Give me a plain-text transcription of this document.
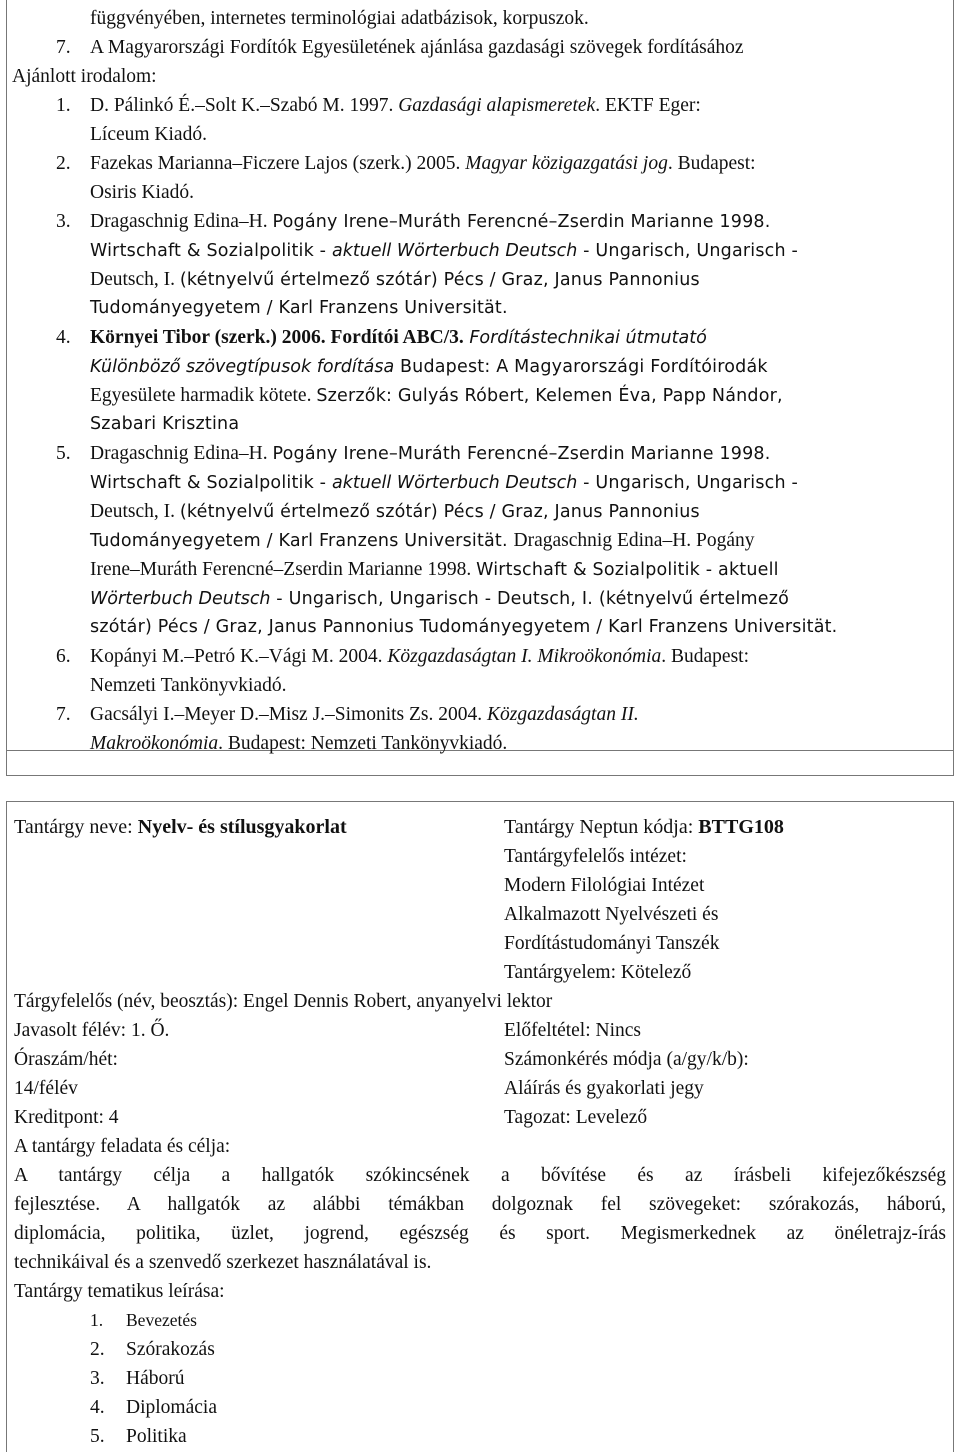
függvényében, internetes terminológiai adatbázisok, korpuszok.
7. A Magyarországi Fordítók Egyesületének ajánlása gazdasági szövegek fordításához
Ajánlott irodalom:
1. D. Pálinkó É.–Solt K.–Szabó M. 1997. Gazdasági alapismeretek. EKTF Eger:
Líceum Kiadó.
2. Fazekas Marianna–Ficzere Lajos (szerk.) 2005. Magyar közigazgatási jog. Budapest:
Osiris Kiadó.
3. Dragaschnig Edina–H. Pogány Irene–Muráth Ferencné–Zserdin Marianne 1998.
Wirtschaft & Sozialpolitik - aktuell Wörterbuch Deutsch - Ungarisch, Ungarisch -
Deutsch, I. (kétnyelvű értelmező szótár) Pécs / Graz, Janus Pannonius
Tudományegyetem / Karl Franzens Universität.
4. Környei Tibor (szerk.) 2006. Fordítói ABC/3. Fordítástechnikai útmutató
Különböző szövegtípusok fordítása Budapest: A Magyarországi Fordítóirodák
Egyesülete harmadik kötete. Szerzők: Gulyás Róbert, Kelemen Éva, Papp Nándor,
Szabari Krisztina
5. Dragaschnig Edina–H. Pogány Irene–Muráth Ferencné–Zserdin Marianne 1998.
Wirtschaft & Sozialpolitik - aktuell Wörterbuch Deutsch - Ungarisch, Ungarisch -
Deutsch, I. (kétnyelvű értelmező szótár) Pécs / Graz, Janus Pannonius
Tudományegyetem / Karl Franzens Universität. Dragaschnig Edina–H. Pogány
Irene–Muráth Ferencné–Zserdin Marianne 1998. Wirtschaft & Sozialpolitik - aktuell
Wörterbuch Deutsch - Ungarisch, Ungarisch - Deutsch, I. (kétnyelvű értelmező
szótár) Pécs / Graz, Janus Pannonius Tudományegyetem / Karl Franzens Universität.
6. Kopányi M.–Petró K.–Vági M. 2004. Közgazdaságtan I. Mikroökonómia. Budapest:
Nemzeti Tankönyvkiadó.
7. Gacsályi I.–Meyer D.–Misz J.–Simonits Zs. 2004. Közgazdaságtan II.
Makroökonómia. Budapest: Nemzeti Tankönyvkiadó.
Tantárgy neve: Nyelv- és stílusgyakorlat	Tantárgy Neptun kódja: BTTG108
Tantárgyfelelős intézet:
Modern Filológiai Intézet
Alkalmazott Nyelvészeti és
Fordítástudományi Tanszék
Tantárgyelem: Kötelező
Tárgyfelelős (név, beosztás): Engel Dennis Robert, anyanyelvi lektor
Javasolt félév: 1. Ő.	Előfeltétel: Nincs
Óraszám/hét:	Számonkérés módja (a/gy/k/b):
14/félév	Aláírás és gyakorlati jegy
Kreditpont: 4	Tagozat: Levelező
A tantárgy feladata és célja:
A tantárgy célja a hallgatók szókincsének a bővítése és az írásbeli kifejezőkészség
fejlesztése. A hallgatók az alábbi témákban dolgoznak fel szövegeket: szórakozás, háború,
diplomácia, politika, üzlet, jogrend, egészség és sport. Megismerkednek az önéletrajz-írás
technikáival és a szenvedő szerkezet használatával is.
Tantárgy tematikus leírása:
1. Bevezetés
2. Szórakozás
3. Háború
4. Diplomácia
5. Politika
